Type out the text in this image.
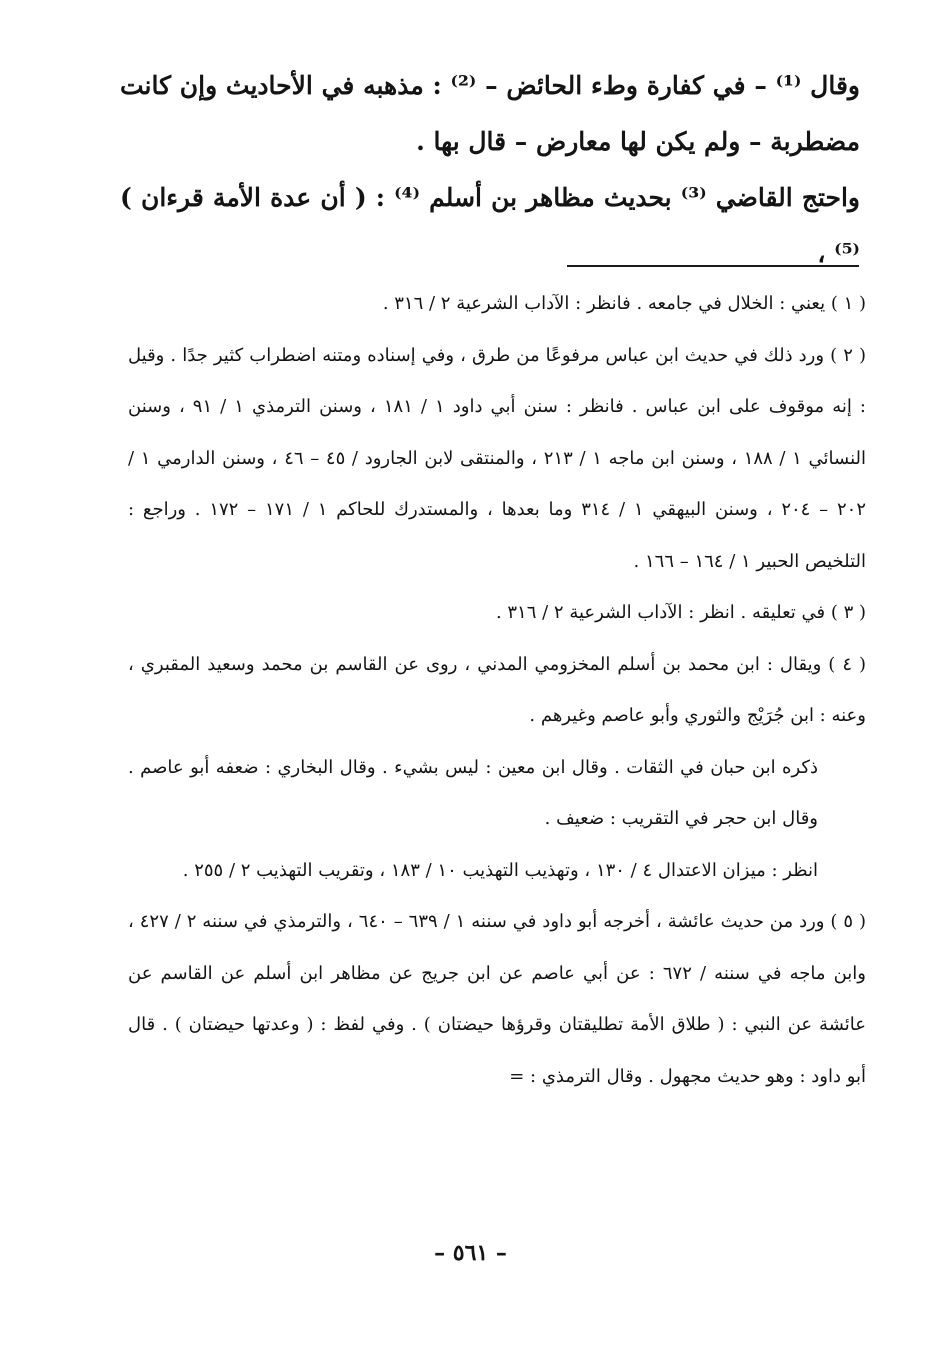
وقال ⁽¹⁾ – في كفارة وطء الحائض – ⁽²⁾ : مذهبه في الأحاديث وإن كانت مضطربة – ولم يكن لها معارض – قال بها .

واحتج القاضي ⁽³⁾ بحديث مظاهر بن أسلم ⁽⁴⁾ : ( أن عدة الأمة قرءان ) ⁽⁵⁾ ،

( ١ ) يعني : الخلال في جامعه . فانظر : الآداب الشرعية ٢ / ٣١٦ .

( ٢ ) ورد ذلك في حديث ابن عباس مرفوعًا من طرق ، وفي إسناده ومتنه اضطراب كثير جدًا . وقيل : إنه موقوف على ابن عباس . فانظر : سنن أبي داود ١ / ١٨١ ، وسنن الترمذي ١ / ٩١ ، وسنن النسائي ١ / ١٨٨ ، وسنن ابن ماجه ١ / ٢١٣ ، والمنتقى لابن الجارود / ٤٥ – ٤٦ ، وسنن الدارمي ١ / ٢٠٢ – ٢٠٤ ، وسنن البيهقي ١ / ٣١٤ وما بعدها ، والمستدرك للحاكم ١ / ١٧١ – ١٧٢ . وراجع : التلخيص الحبير ١ / ١٦٤ – ١٦٦ .

( ٣ ) في تعليقه . انظر : الآداب الشرعية ٢ / ٣١٦ .

( ٤ ) ويقال : ابن محمد بن أسلم المخزومي المدني ، روى عن القاسم بن محمد وسعيد المقبري ، وعنه : ابن جُرَيْج والثوري وأبو عاصم وغيرهم .

ذكره ابن حبان في الثقات . وقال ابن معين : ليس بشيء . وقال البخاري : ضعفه أبو عاصم . وقال ابن حجر في التقريب : ضعيف .

انظر : ميزان الاعتدال ٤ / ١٣٠ ، وتهذيب التهذيب ١٠ / ١٨٣ ، وتقريب التهذيب ٢ / ٢٥٥ .

( ٥ ) ورد من حديث عائشة ، أخرجه أبو داود في سننه ١ / ٦٣٩ – ٦٤٠ ، والترمذي في سننه ٢ / ٤٢٧ ، وابن ماجه في سننه / ٦٧٢ : عن أبي عاصم عن ابن جريج عن مظاهر ابن أسلم عن القاسم عن عائشة عن النبي : ( طلاق الأمة تطليقتان وقرؤها حيضتان ) . وفي لفظ : ( وعدتها حيضتان ) . قال أبو داود : وهو حديث مجهول . وقال الترمذي : =

– ٥٦١ –
